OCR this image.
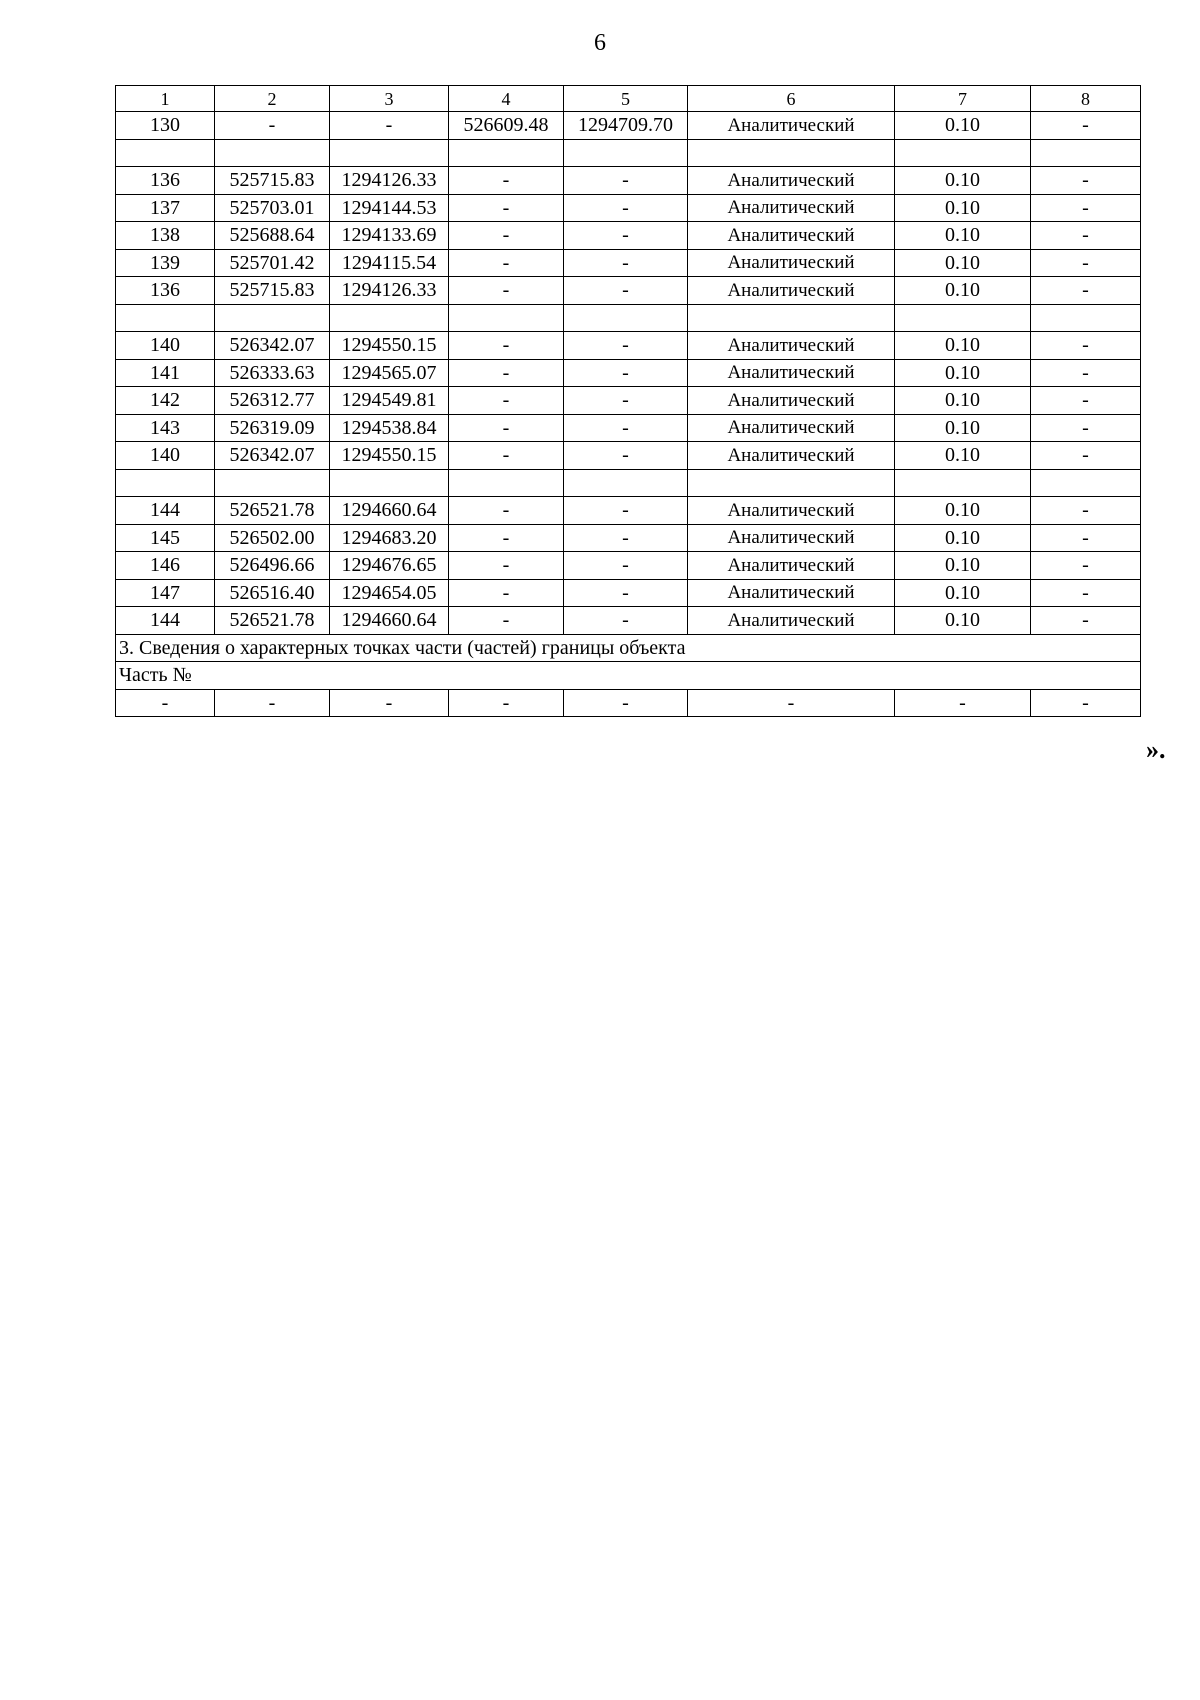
6
1	2	3	4	5	6	7	8
130	-	-	526609.48	1294709.70	Аналитический	0.10	-

136	525715.83	1294126.33	-	-	Аналитический	0.10	-
137	525703.01	1294144.53	-	-	Аналитический	0.10	-
138	525688.64	1294133.69	-	-	Аналитический	0.10	-
139	525701.42	1294115.54	-	-	Аналитический	0.10	-
136	525715.83	1294126.33	-	-	Аналитический	0.10	-

140	526342.07	1294550.15	-	-	Аналитический	0.10	-
141	526333.63	1294565.07	-	-	Аналитический	0.10	-
142	526312.77	1294549.81	-	-	Аналитический	0.10	-
143	526319.09	1294538.84	-	-	Аналитический	0.10	-
140	526342.07	1294550.15	-	-	Аналитический	0.10	-

144	526521.78	1294660.64	-	-	Аналитический	0.10	-
145	526502.00	1294683.20	-	-	Аналитический	0.10	-
146	526496.66	1294676.65	-	-	Аналитический	0.10	-
147	526516.40	1294654.05	-	-	Аналитический	0.10	-
144	526521.78	1294660.64	-	-	Аналитический	0.10	-
3. Сведения о характерных точках части (частей) границы объекта							
Часть №							
-	-	-	-	-	-	-	-
».
